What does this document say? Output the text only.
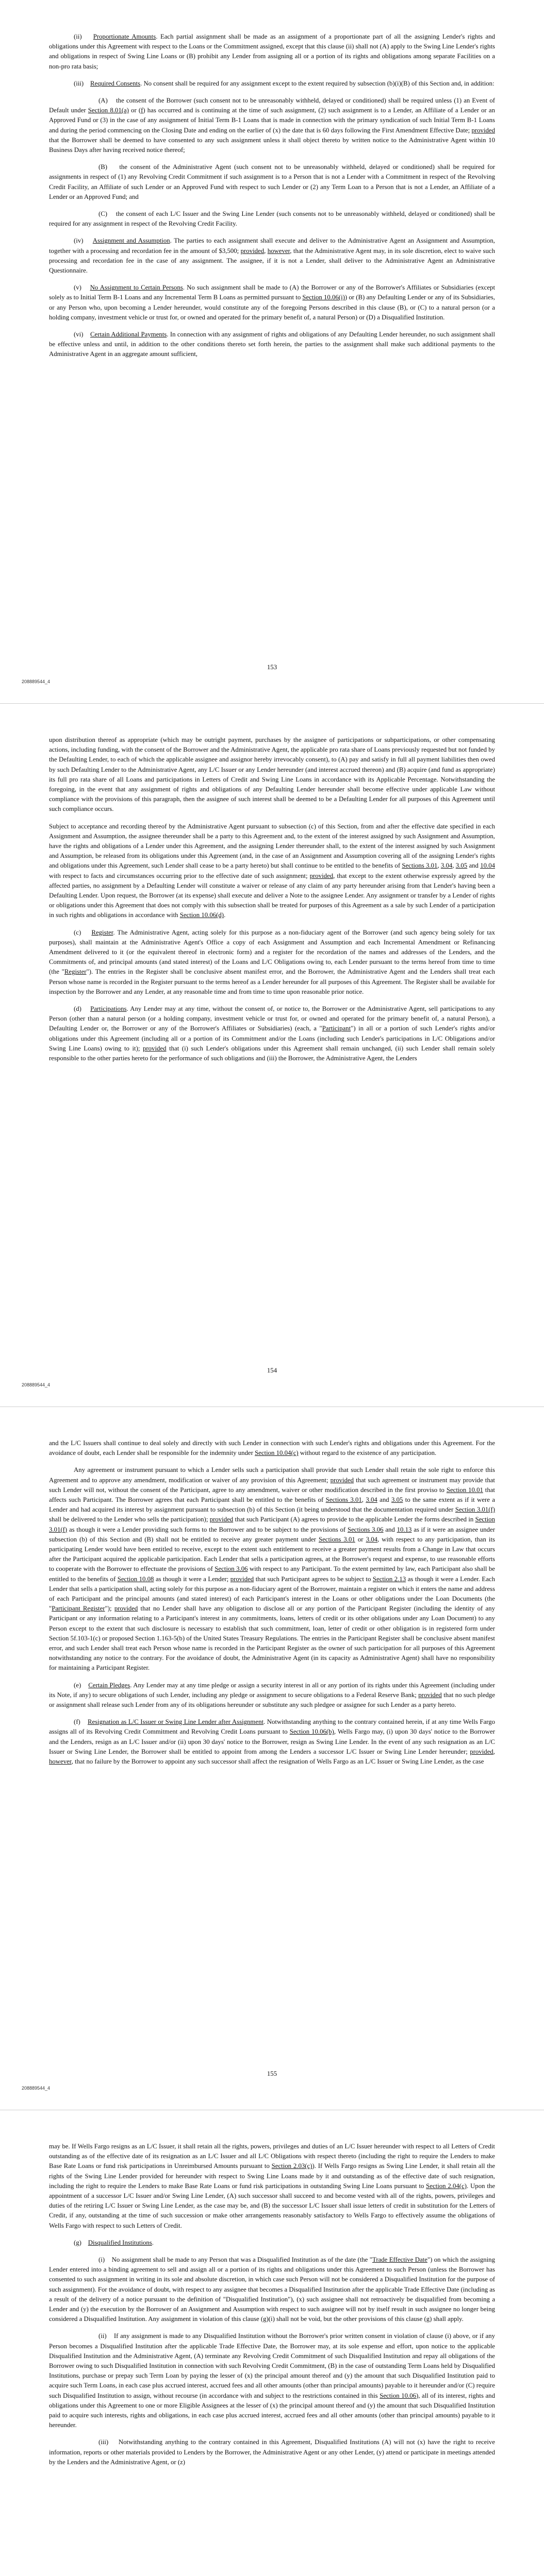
(ii)    Proportionate Amounts. Each partial assignment shall be made as an assignment of a proportionate part of all the assigning Lender's rights and obligations under this Agreement with respect to the Loans or the Commitment assigned, except that this clause (ii) shall not (A) apply to the Swing Line Lender's rights and obligations in respect of Swing Line Loans or (B) prohibit any Lender from assigning all or a portion of its rights and obligations among separate Facilities on a non-pro rata basis;

(iii)    Required Consents. No consent shall be required for any assignment except to the extent required by subsection (b)(i)(B) of this Section and, in addition:

(A)    the consent of the Borrower (such consent not to be unreasonably withheld, delayed or conditioned) shall be required unless (1) an Event of Default under Section 8.01(a) or (f) has occurred and is continuing at the time of such assignment, (2) such assignment is to a Lender, an Affiliate of a Lender or an Approved Fund or (3) in the case of any assignment of Initial Term B-1 Loans that is made in connection with the primary syndication of such Initial Term B-1 Loans and during the period commencing on the Closing Date and ending on the earlier of (x) the date that is 60 days following the First Amendment Effective Date; provided that the Borrower shall be deemed to have consented to any such assignment unless it shall object thereto by written notice to the Administrative Agent within 10 Business Days after having received notice thereof;

(B)    the consent of the Administrative Agent (such consent not to be unreasonably withheld, delayed or conditioned) shall be required for assignments in respect of (1) any Revolving Credit Commitment if such assignment is to a Person that is not a Lender with a Commitment in respect of the Revolving Credit Facility, an Affiliate of such Lender or an Approved Fund with respect to such Lender or (2) any Term Loan to a Person that is not a Lender, an Affiliate of a Lender or an Approved Fund; and

(C)    the consent of each L/C Issuer and the Swing Line Lender (such consents not to be unreasonably withheld, delayed or conditioned) shall be required for any assignment in respect of the Revolving Credit Facility.

(iv)    Assignment and Assumption. The parties to each assignment shall execute and deliver to the Administrative Agent an Assignment and Assumption, together with a processing and recordation fee in the amount of $3,500; provided, however, that the Administrative Agent may, in its sole discretion, elect to waive such processing and recordation fee in the case of any assignment. The assignee, if it is not a Lender, shall deliver to the Administrative Agent an Administrative Questionnaire.

(v)    No Assignment to Certain Persons. No such assignment shall be made to (A) the Borrower or any of the Borrower's Affiliates or Subsidiaries (except solely as to Initial Term B-1 Loans and any Incremental Term B Loans as permitted pursuant to Section 10.06(i)) or (B) any Defaulting Lender or any of its Subsidiaries, or any Person who, upon becoming a Lender hereunder, would constitute any of the foregoing Persons described in this clause (B), or (C) to a natural person (or a holding company, investment vehicle or trust for, or owned and operated for the primary benefit of, a natural Person) or (D) a Disqualified Institution.

(vi)    Certain Additional Payments. In connection with any assignment of rights and obligations of any Defaulting Lender hereunder, no such assignment shall be effective unless and until, in addition to the other conditions thereto set forth herein, the parties to the assignment shall make such additional payments to the Administrative Agent in an aggregate amount sufficient,

153
208889544_4

upon distribution thereof as appropriate (which may be outright payment, purchases by the assignee of participations or subparticipations, or other compensating actions, including funding, with the consent of the Borrower and the Administrative Agent, the applicable pro rata share of Loans previously requested but not funded by the Defaulting Lender, to each of which the applicable assignee and assignor hereby irrevocably consent), to (A) pay and satisfy in full all payment liabilities then owed by such Defaulting Lender to the Administrative Agent, any L/C Issuer or any Lender hereunder (and interest accrued thereon) and (B) acquire (and fund as appropriate) its full pro rata share of all Loans and participations in Letters of Credit and Swing Line Loans in accordance with its Applicable Percentage. Notwithstanding the foregoing, in the event that any assignment of rights and obligations of any Defaulting Lender hereunder shall become effective under applicable Law without compliance with the provisions of this paragraph, then the assignee of such interest shall be deemed to be a Defaulting Lender for all purposes of this Agreement until such compliance occurs.

Subject to acceptance and recording thereof by the Administrative Agent pursuant to subsection (c) of this Section, from and after the effective date specified in each Assignment and Assumption, the assignee thereunder shall be a party to this Agreement and, to the extent of the interest assigned by such Assignment and Assumption, have the rights and obligations of a Lender under this Agreement, and the assigning Lender thereunder shall, to the extent of the interest assigned by such Assignment and Assumption, be released from its obligations under this Agreement (and, in the case of an Assignment and Assumption covering all of the assigning Lender's rights and obligations under this Agreement, such Lender shall cease to be a party hereto) but shall continue to be entitled to the benefits of Sections 3.01, 3.04, 3.05 and 10.04 with respect to facts and circumstances occurring prior to the effective date of such assignment; provided, that except to the extent otherwise expressly agreed by the affected parties, no assignment by a Defaulting Lender will constitute a waiver or release of any claim of any party hereunder arising from that Lender's having been a Defaulting Lender. Upon request, the Borrower (at its expense) shall execute and deliver a Note to the assignee Lender. Any assignment or transfer by a Lender of rights or obligations under this Agreement that does not comply with this subsection shall be treated for purposes of this Agreement as a sale by such Lender of a participation in such rights and obligations in accordance with Section 10.06(d).

(c)    Register. The Administrative Agent, acting solely for this purpose as a non-fiduciary agent of the Borrower (and such agency being solely for tax purposes), shall maintain at the Administrative Agent's Office a copy of each Assignment and Assumption and each Incremental Amendment or Refinancing Amendment delivered to it (or the equivalent thereof in electronic form) and a register for the recordation of the names and addresses of the Lenders, and the Commitments of, and principal amounts (and stated interest) of the Loans and L/C Obligations owing to, each Lender pursuant to the terms hereof from time to time (the "Register"). The entries in the Register shall be conclusive absent manifest error, and the Borrower, the Administrative Agent and the Lenders shall treat each Person whose name is recorded in the Register pursuant to the terms hereof as a Lender hereunder for all purposes of this Agreement. The Register shall be available for inspection by the Borrower and any Lender, at any reasonable time and from time to time upon reasonable prior notice.

(d)    Participations. Any Lender may at any time, without the consent of, or notice to, the Borrower or the Administrative Agent, sell participations to any Person (other than a natural person (or a holding company, investment vehicle or trust for, or owned and operated for the primary benefit of, a natural Person), a Defaulting Lender or, the Borrower or any of the Borrower's Affiliates or Subsidiaries) (each, a "Participant") in all or a portion of such Lender's rights and/or obligations under this Agreement (including all or a portion of its Commitment and/or the Loans (including such Lender's participations in L/C Obligations and/or Swing Line Loans) owing to it); provided that (i) such Lender's obligations under this Agreement shall remain unchanged, (ii) such Lender shall remain solely responsible to the other parties hereto for the performance of such obligations and (iii) the Borrower, the Administrative Agent, the Lenders

154
208889544_4

and the L/C Issuers shall continue to deal solely and directly with such Lender in connection with such Lender's rights and obligations under this Agreement. For the avoidance of doubt, each Lender shall be responsible for the indemnity under Section 10.04(c) without regard to the existence of any participation.

Any agreement or instrument pursuant to which a Lender sells such a participation shall provide that such Lender shall retain the sole right to enforce this Agreement and to approve any amendment, modification or waiver of any provision of this Agreement; provided that such agreement or instrument may provide that such Lender will not, without the consent of the Participant, agree to any amendment, waiver or other modification described in the first proviso to Section 10.01 that affects such Participant. The Borrower agrees that each Participant shall be entitled to the benefits of Sections 3.01, 3.04 and 3.05 to the same extent as if it were a Lender and had acquired its interest by assignment pursuant to subsection (b) of this Section (it being understood that the documentation required under Section 3.01(f) shall be delivered to the Lender who sells the participation); provided that such Participant (A) agrees to provide to the applicable Lender the forms described in Section 3.01(f) as though it were a Lender providing such forms to the Borrower and to be subject to the provisions of Sections 3.06 and 10.13 as if it were an assignee under subsection (b) of this Section and (B) shall not be entitled to receive any greater payment under Sections 3.01 or 3.04, with respect to any participation, than its participating Lender would have been entitled to receive, except to the extent such entitlement to receive a greater payment results from a Change in Law that occurs after the Participant acquired the applicable participation. Each Lender that sells a participation agrees, at the Borrower's request and expense, to use reasonable efforts to cooperate with the Borrower to effectuate the provisions of Section 3.06 with respect to any Participant. To the extent permitted by law, each Participant also shall be entitled to the benefits of Section 10.08 as though it were a Lender; provided that such Participant agrees to be subject to Section 2.13 as though it were a Lender. Each Lender that sells a participation shall, acting solely for this purpose as a non-fiduciary agent of the Borrower, maintain a register on which it enters the name and address of each Participant and the principal amounts (and stated interest) of each Participant's interest in the Loans or other obligations under the Loan Documents (the "Participant Register"); provided that no Lender shall have any obligation to disclose all or any portion of the Participant Register (including the identity of any Participant or any information relating to a Participant's interest in any commitments, loans, letters of credit or its other obligations under any Loan Document) to any Person except to the extent that such disclosure is necessary to establish that such commitment, loan, letter of credit or other obligation is in registered form under Section 5f.103-1(c) or proposed Section 1.163-5(b) of the United States Treasury Regulations. The entries in the Participant Register shall be conclusive absent manifest error, and such Lender shall treat each Person whose name is recorded in the Participant Register as the owner of such participation for all purposes of this Agreement notwithstanding any notice to the contrary. For the avoidance of doubt, the Administrative Agent (in its capacity as Administrative Agent) shall have no responsibility for maintaining a Participant Register.

(e)    Certain Pledges. Any Lender may at any time pledge or assign a security interest in all or any portion of its rights under this Agreement (including under its Note, if any) to secure obligations of such Lender, including any pledge or assignment to secure obligations to a Federal Reserve Bank; provided that no such pledge or assignment shall release such Lender from any of its obligations hereunder or substitute any such pledgee or assignee for such Lender as a party hereto.

(f)    Resignation as L/C Issuer or Swing Line Lender after Assignment. Notwithstanding anything to the contrary contained herein, if at any time Wells Fargo assigns all of its Revolving Credit Commitment and Revolving Credit Loans pursuant to Section 10.06(b), Wells Fargo may, (i) upon 30 days' notice to the Borrower and the Lenders, resign as an L/C Issuer and/or (ii) upon 30 days' notice to the Borrower, resign as Swing Line Lender. In the event of any such resignation as an L/C Issuer or Swing Line Lender, the Borrower shall be entitled to appoint from among the Lenders a successor L/C Issuer or Swing Line Lender hereunder; provided, however, that no failure by the Borrower to appoint any such successor shall affect the resignation of Wells Fargo as an L/C Issuer or Swing Line Lender, as the case

155
208889544_4

may be. If Wells Fargo resigns as an L/C Issuer, it shall retain all the rights, powers, privileges and duties of an L/C Issuer hereunder with respect to all Letters of Credit outstanding as of the effective date of its resignation as an L/C Issuer and all L/C Obligations with respect thereto (including the right to require the Lenders to make Base Rate Loans or fund risk participations in Unreimbursed Amounts pursuant to Section 2.03(c)). If Wells Fargo resigns as Swing Line Lender, it shall retain all the rights of the Swing Line Lender provided for hereunder with respect to Swing Line Loans made by it and outstanding as of the effective date of such resignation, including the right to require the Lenders to make Base Rate Loans or fund risk participations in outstanding Swing Line Loans pursuant to Section 2.04(c). Upon the appointment of a successor L/C Issuer and/or Swing Line Lender, (A) such successor shall succeed to and become vested with all of the rights, powers, privileges and duties of the retiring L/C Issuer or Swing Line Lender, as the case may be, and (B) the successor L/C Issuer shall issue letters of credit in substitution for the Letters of Credit, if any, outstanding at the time of such succession or make other arrangements reasonably satisfactory to Wells Fargo to effectively assume the obligations of Wells Fargo with respect to such Letters of Credit.

(g)    Disqualified Institutions.

(i)    No assignment shall be made to any Person that was a Disqualified Institution as of the date (the "Trade Effective Date") on which the assigning Lender entered into a binding agreement to sell and assign all or a portion of its rights and obligations under this Agreement to such Person (unless the Borrower has consented to such assignment in writing in its sole and absolute discretion, in which case such Person will not be considered a Disqualified Institution for the purpose of such assignment). For the avoidance of doubt, with respect to any assignee that becomes a Disqualified Institution after the applicable Trade Effective Date (including as a result of the delivery of a notice pursuant to the definition of "Disqualified Institution"), (x) such assignee shall not retroactively be disqualified from becoming a Lender and (y) the execution by the Borrower of an Assignment and Assumption with respect to such assignee will not by itself result in such assignee no longer being considered a Disqualified Institution. Any assignment in violation of this clause (g)(i) shall not be void, but the other provisions of this clause (g) shall apply.

(ii)    If any assignment is made to any Disqualified Institution without the Borrower's prior written consent in violation of clause (i) above, or if any Person becomes a Disqualified Institution after the applicable Trade Effective Date, the Borrower may, at its sole expense and effort, upon notice to the applicable Disqualified Institution and the Administrative Agent, (A) terminate any Revolving Credit Commitment of such Disqualified Institution and repay all obligations of the Borrower owing to such Disqualified Institution in connection with such Revolving Credit Commitment, (B) in the case of outstanding Term Loans held by Disqualified Institutions, purchase or prepay such Term Loan by paying the lesser of (x) the principal amount thereof and (y) the amount that such Disqualified Institution paid to acquire such Term Loans, in each case plus accrued interest, accrued fees and all other amounts (other than principal amounts) payable to it hereunder and/or (C) require such Disqualified Institution to assign, without recourse (in accordance with and subject to the restrictions contained in this Section 10.06), all of its interest, rights and obligations under this Agreement to one or more Eligible Assignees at the lesser of (x) the principal amount thereof and (y) the amount that such Disqualified Institution paid to acquire such interests, rights and obligations, in each case plus accrued interest, accrued fees and all other amounts (other than principal amounts) payable to it hereunder.

(iii)    Notwithstanding anything to the contrary contained in this Agreement, Disqualified Institutions (A) will not (x) have the right to receive information, reports or other materials provided to Lenders by the Borrower, the Administrative Agent or any other Lender, (y) attend or participate in meetings attended by the Lenders and the Administrative Agent, or (z)
